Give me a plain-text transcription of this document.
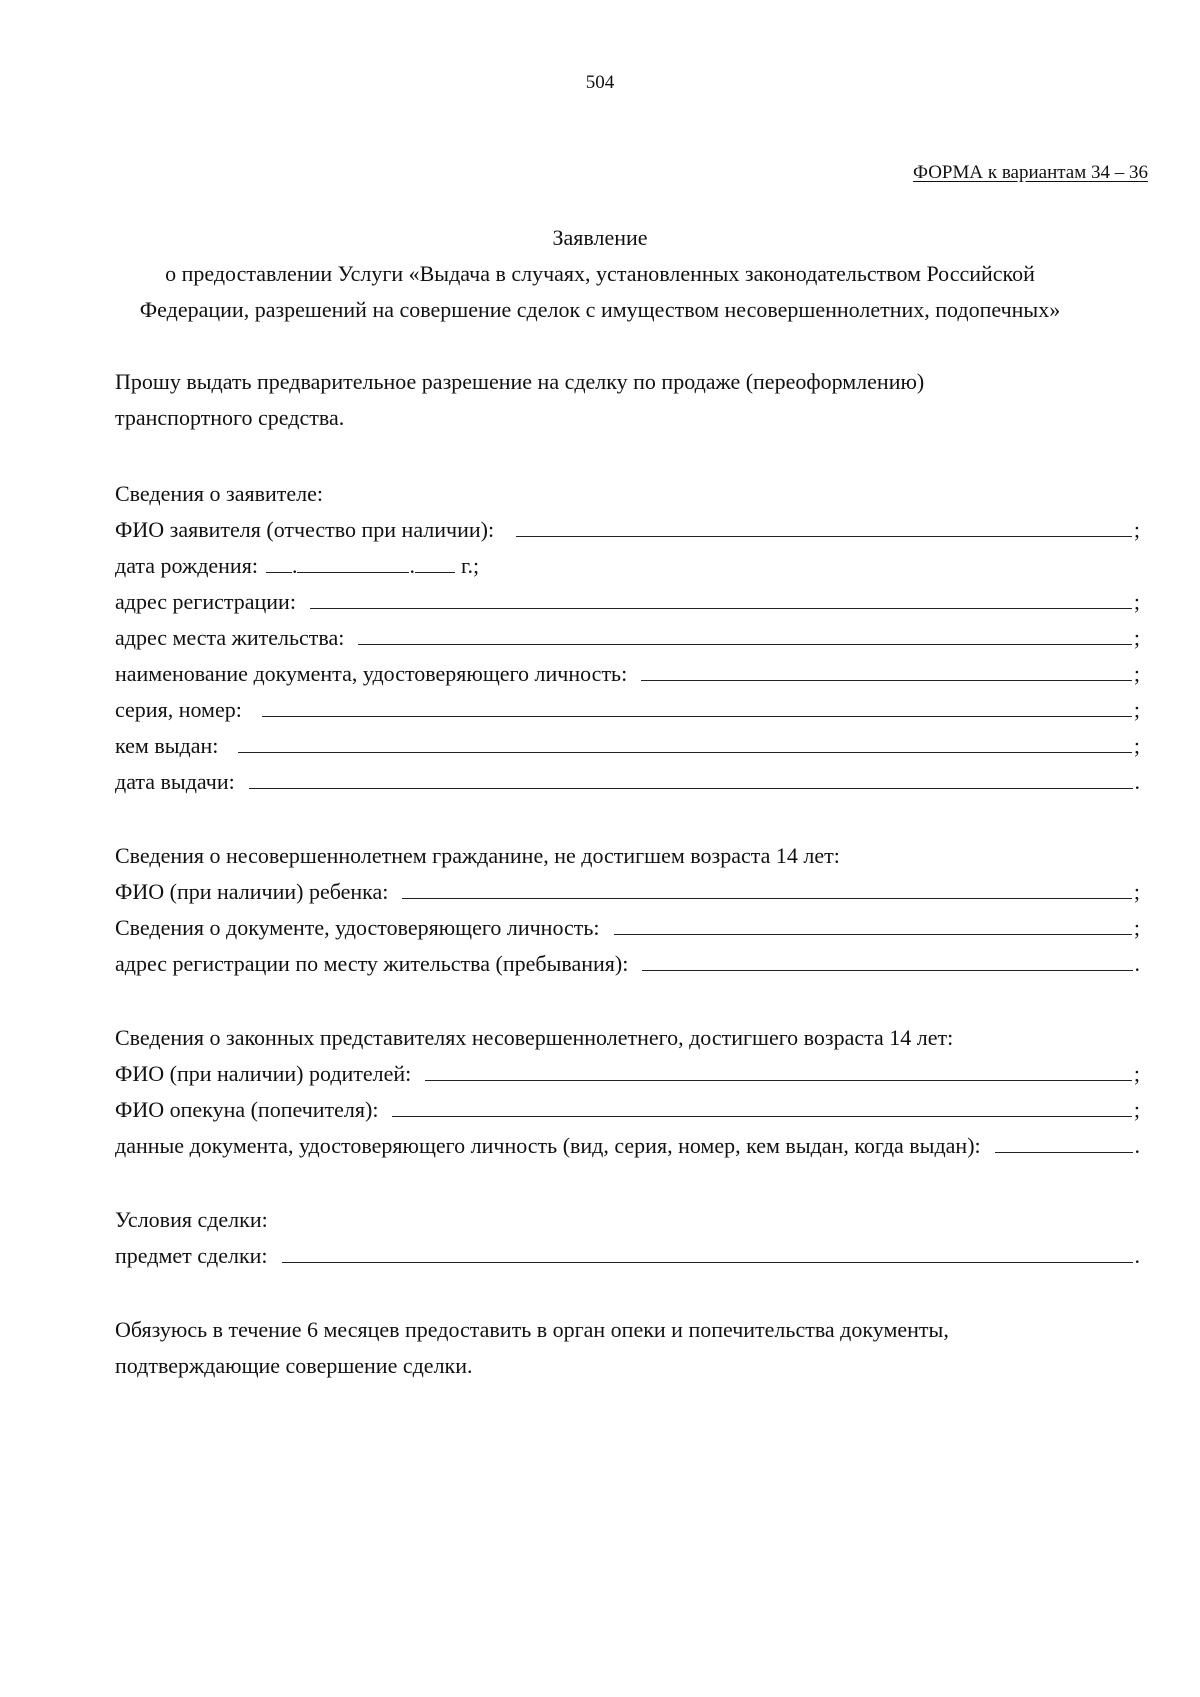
504
ФОРМА к вариантам 34 – 36
Заявление
о предоставлении Услуги «Выдача в случаях, установленных законодательством Российской
Федерации, разрешений на совершение сделок с имуществом несовершеннолетних, подопечных»
Прошу выдать предварительное разрешение на сделку по продаже (переоформлению)
транспортного средства.
Сведения о заявителе:
ФИО заявителя (отчество при наличии):	;
дата рождения: .	. г.;
адрес регистрации:	;
адрес места жительства:	;
наименование документа, удостоверяющего личность:	;
серия, номер:	;
кем выдан:	;
дата выдачи:	.
Сведения о несовершеннолетнем гражданине, не достигшем возраста 14 лет:
ФИО (при наличии) ребенка:	;
Сведения о документе, удостоверяющего личность:	;
адрес регистрации по месту жительства (пребывания):	.
Сведения о законных представителях несовершеннолетнего, достигшего возраста 14 лет:
ФИО (при наличии) родителей:	;
ФИО опекуна (попечителя):	;
данные документа, удостоверяющего личность (вид, серия, номер, кем выдан, когда выдан):	.
Условия сделки:
предмет сделки:	.
Обязуюсь в течение 6 месяцев предоставить в орган опеки и попечительства документы,
подтверждающие совершение сделки.
